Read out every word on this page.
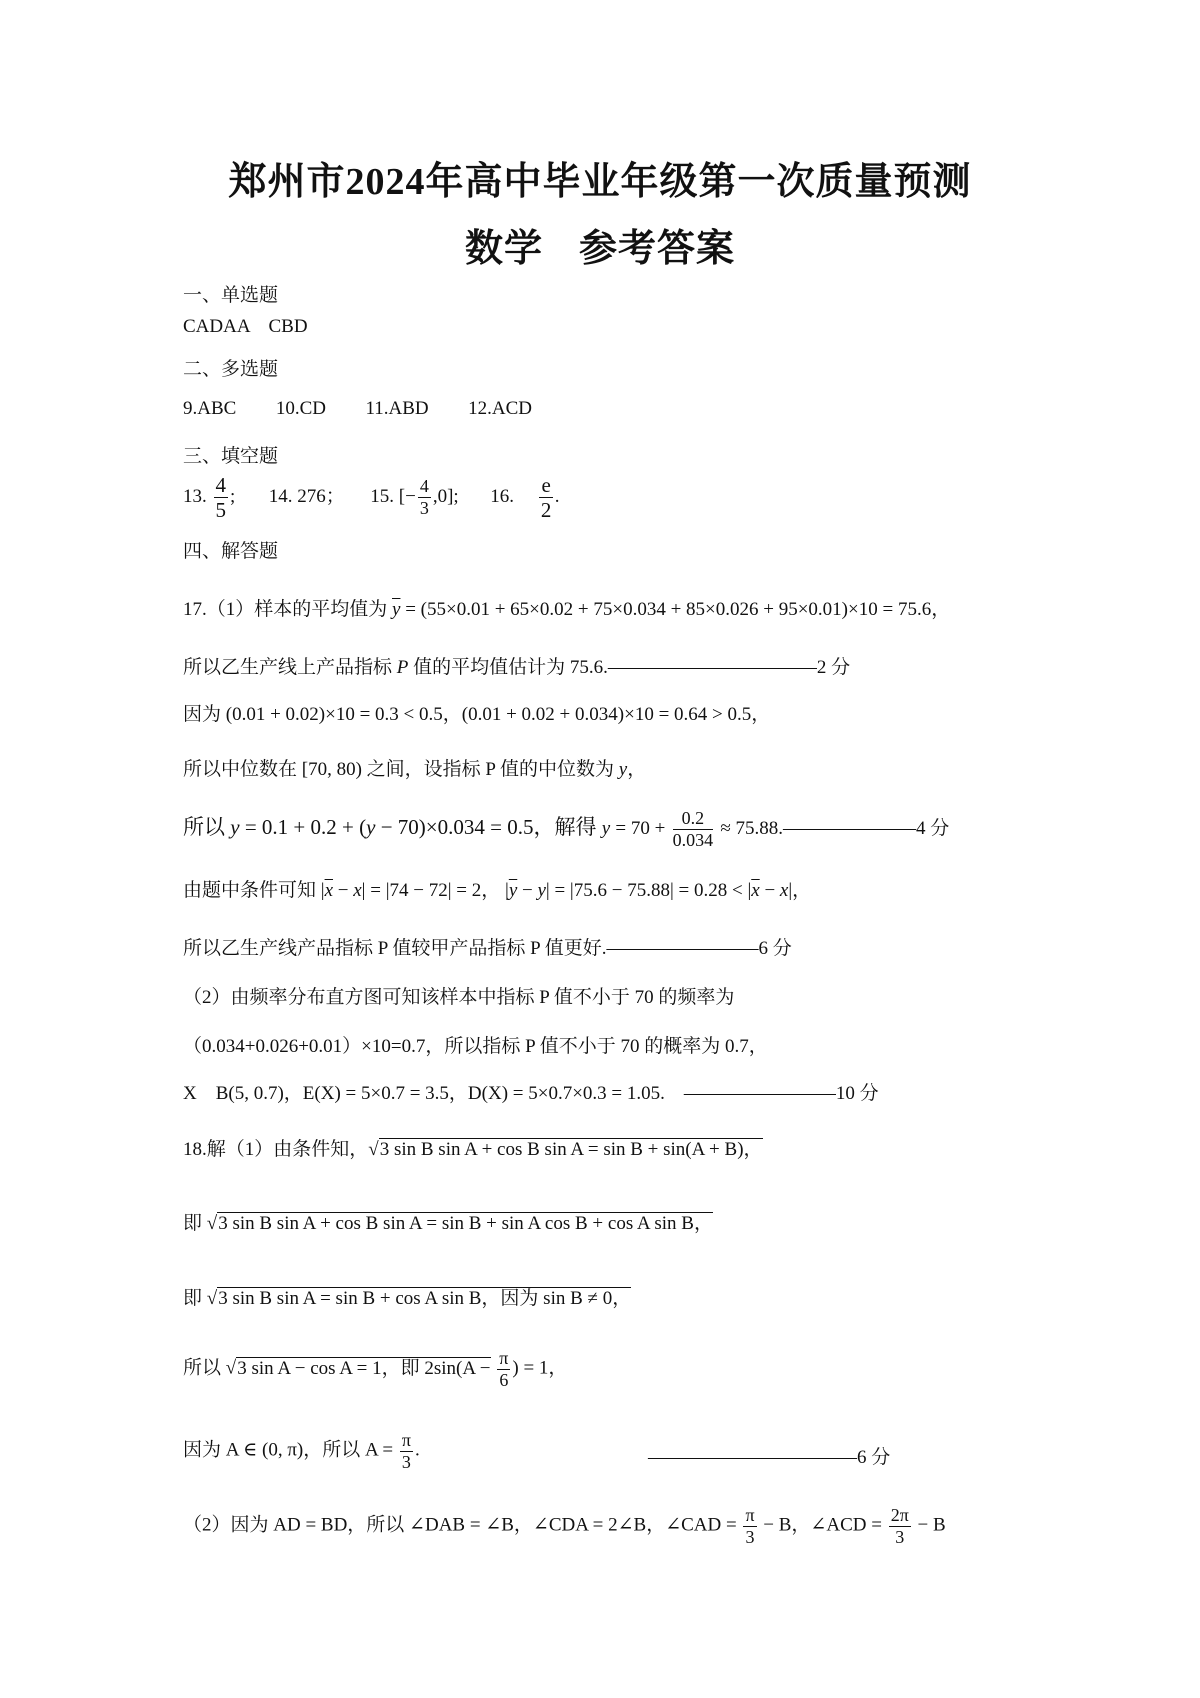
郑州市2024年高中毕业年级第一次质量预测
数学 参考答案
一、单选题
CADAA　CBD
二、多选题
9.ABC 10.CD 11.ABD 12.ACD
三、填空题
13. $\frac{4}{5}$ ;  14. 276； 15. [− $\frac{4}{3} ,0$];  16. $\frac{e}{2}$ .
四、解答题
17.（1）样本的平均值为 $\overline{y} = (55\times 0.01 + 65\times 0.02 + 75\times 0.034 + 85\times 0.026 + 95\times 0.01)\times 10 = 75.6$，
所以乙生产线上产品指标 P 值的平均值估计为 75.6.———————————2 分
因为 (0.01 + 0.02)×10 = 0.3 < 0.5，(0.01 + 0.02 + 0.034)×10 = 0.64 > 0.5，
所以中位数在 [70, 80) 之间，设指标 P 值的中位数为 y，
所以 y = 0.1 + 0.2 + (y − 70)×0.034 = 0.5，解得 $y = 70 + \frac{0.2}{0.034}$ ≈ 75.88.———————4 分
由题中条件可知 $|\overline{x} - x| = |74 - 72| = 2$， $|\overline{y} - y| = |75.6 - 75.88| = 0.28 < |\overline{x} - x|$，
所以乙生产线产品指标 P 值较甲产品指标 P 值更好.————————6 分
（2）由频率分布直方图可知该样本中指标 P 值不小于 70 的频率为
（0.034+0.026+0.01）×10=0.7，所以指标 P 值不小于 70 的概率为 0.7，
X　B(5, 0.7)，E(X) = 5×0.7 = 3.5，D(X) = 5×0.7×0.3 = 1.05.　————————10 分
18.解（1）由条件知，√3 sin B sin A + cos B sin A = sin B + sin(A + B)，
即 √3 sin B sin A + cos B sin A = sin B + sin A cos B + cos A sin B，
即 √3 sin B sin A = sin B + cos A sin B，因为 sin B ≠ 0，
所以 √3 sin A − cos A = 1，即 $2\sin(A - \frac{\pi}{6}$ ) = 1，
因为 A ∈ (0, π)，所以 $A = \frac{\pi}{3}$ .	———————————6 分
（2）因为 AD = BD，所以 ∠DAB = ∠B，∠CDA = 2∠B，∠CAD = $\frac{\pi}{3} - B$，∠ACD = $\frac{2\pi}{3} - B$
